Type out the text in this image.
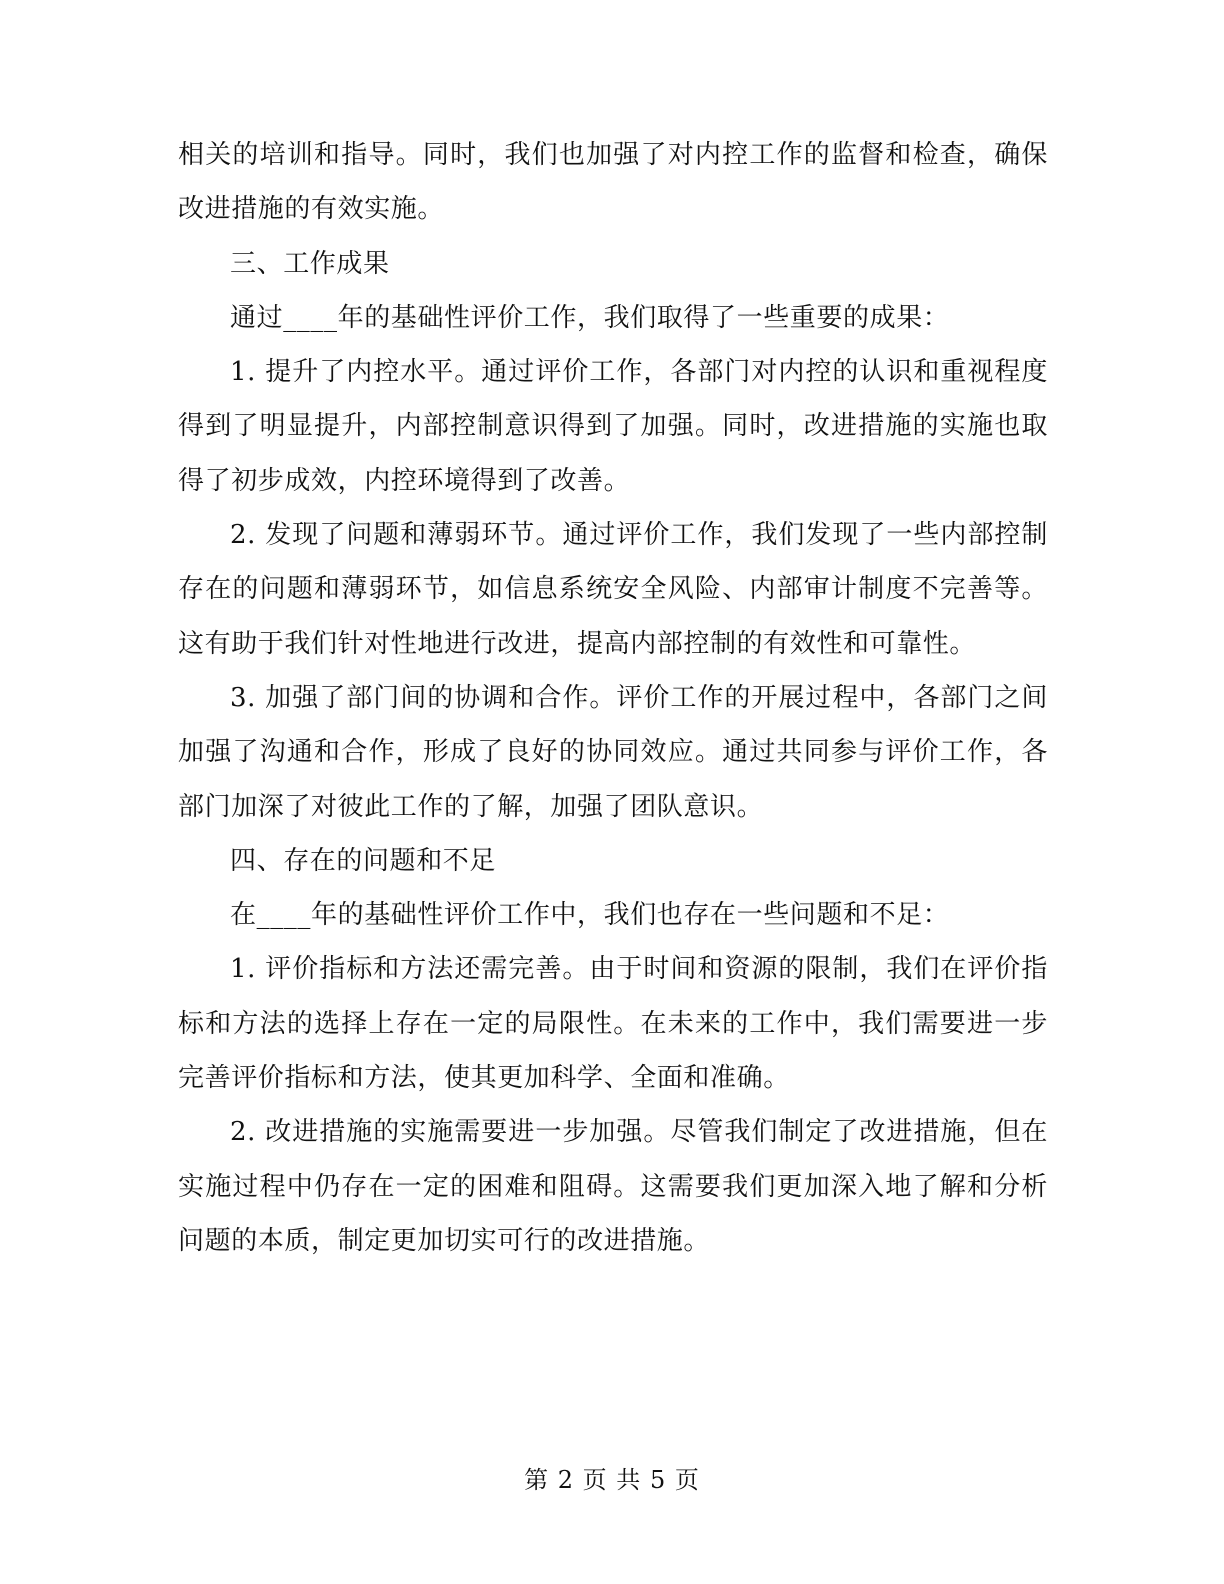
相关的培训和指导。同时，我们也加强了对内控工作的监督和检查，确保改进措施的有效实施。

三、工作成果

通过____年的基础性评价工作，我们取得了一些重要的成果：

1. 提升了内控水平。通过评价工作，各部门对内控的认识和重视程度得到了明显提升，内部控制意识得到了加强。同时，改进措施的实施也取得了初步成效，内控环境得到了改善。

2. 发现了问题和薄弱环节。通过评价工作，我们发现了一些内部控制存在的问题和薄弱环节，如信息系统安全风险、内部审计制度不完善等。这有助于我们针对性地进行改进，提高内部控制的有效性和可靠性。

3. 加强了部门间的协调和合作。评价工作的开展过程中，各部门之间加强了沟通和合作，形成了良好的协同效应。通过共同参与评价工作，各部门加深了对彼此工作的了解，加强了团队意识。

四、存在的问题和不足

在____年的基础性评价工作中，我们也存在一些问题和不足：

1. 评价指标和方法还需完善。由于时间和资源的限制，我们在评价指标和方法的选择上存在一定的局限性。在未来的工作中，我们需要进一步完善评价指标和方法，使其更加科学、全面和准确。

2. 改进措施的实施需要进一步加强。尽管我们制定了改进措施，但在实施过程中仍存在一定的困难和阻碍。这需要我们更加深入地了解和分析问题的本质，制定更加切实可行的改进措施。

第 2 页 共 5 页
